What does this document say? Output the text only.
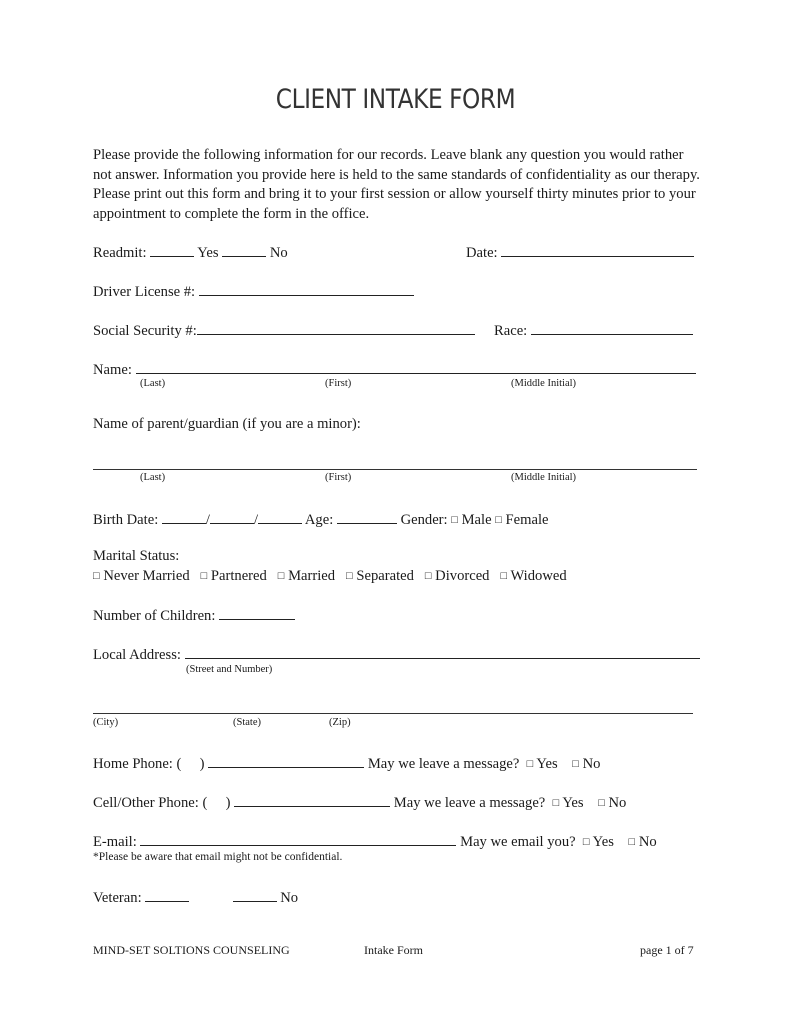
CLIENT INTAKE FORM
Please provide the following information for our records. Leave blank any question you would rather not answer. Information you provide here is held to the same standards of confidentiality as our therapy. Please print out this form and bring it to your first session or allow yourself thirty minutes prior to your appointment to complete the form in the office.
Readmit:	Yes	No	Date:
Driver License #:
Social Security #:	Race:
Name:
(Last)	(First)	(Middle Initial)
Name of parent/guardian (if you are a minor):
(Last)	(First)	(Middle Initial)
Birth Date:	/	/	Age:	Gender: □ Male □ Female
Marital Status:
□ Never Married □ Partnered □ Married □ Separated □ Divorced □ Widowed
Number of Children:
Local Address:
(Street and Number)
(City)	(State)	(Zip)
Home Phone: ( )	May we leave a message? □ Yes □ No
Cell/Other Phone: ( )	May we leave a message? □ Yes □ No
E-mail:	May we email you? □ Yes □ No
*Please be aware that email might not be confidential.
Veteran:	No
MIND-SET SOLTIONS COUNSELING	Intake Form	page 1 of 7
